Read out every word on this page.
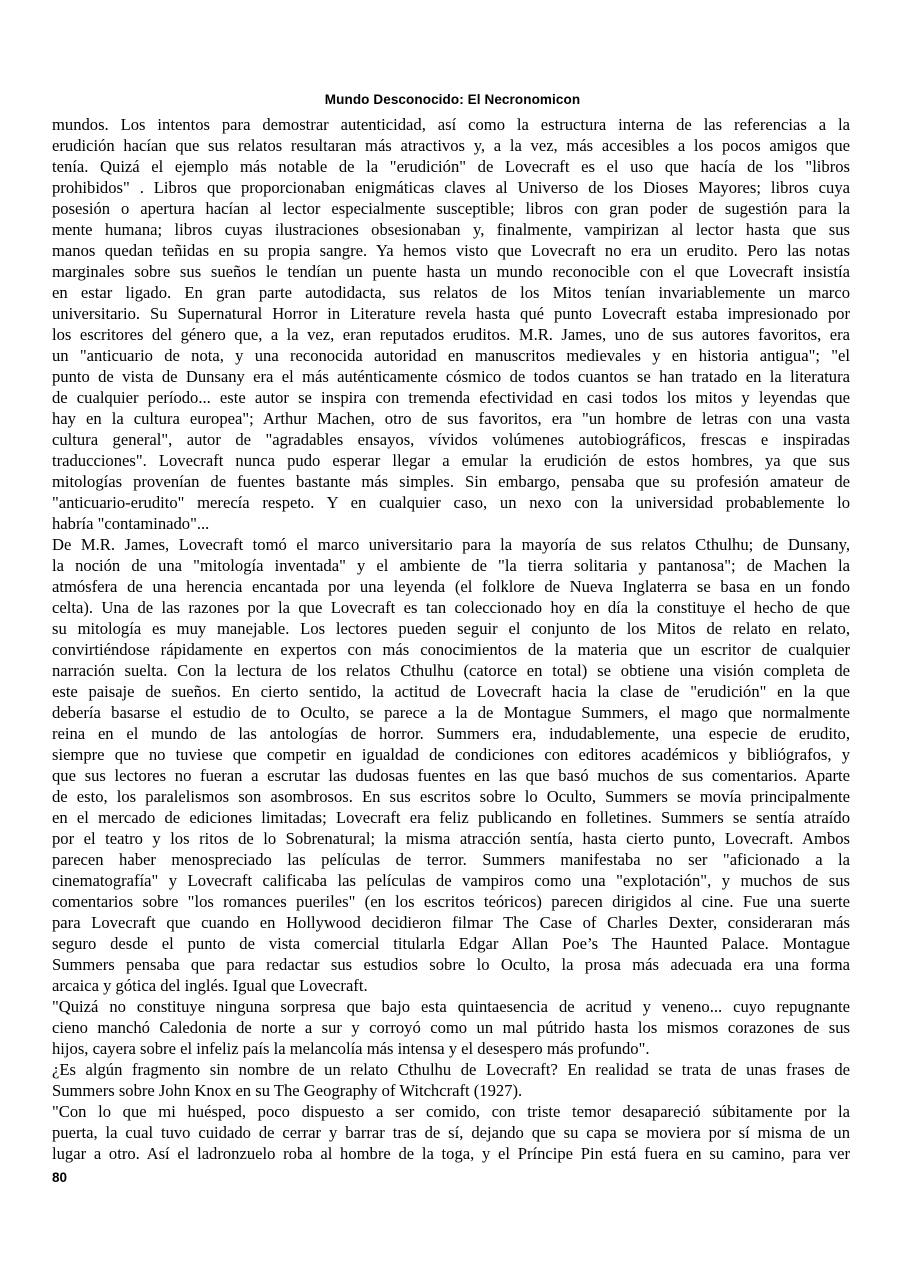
Mundo Desconocido: El Necronomicon
mundos. Los intentos para demostrar autenticidad, así como la estructura interna de las referencias a la
erudición hacían que sus relatos resultaran más atractivos y, a la vez, más accesibles a los pocos amigos que
tenía. Quizá el ejemplo más notable de la "erudición" de Lovecraft es el uso que hacía de los "libros
prohibidos" . Libros que proporcionaban enigmáticas claves al Universo de los Dioses Mayores; libros cuya
posesión o apertura hacían al lector especialmente susceptible; libros con gran poder de sugestión para la
mente humana; libros cuyas ilustraciones obsesionaban y, finalmente, vampirizan al lector hasta que sus
manos quedan teñidas en su propia sangre. Ya hemos visto que Lovecraft no era un erudito. Pero las notas
marginales sobre sus sueños le tendían un puente hasta un mundo reconocible con el que Lovecraft insistía
en estar ligado. En gran parte autodidacta, sus relatos de los Mitos tenían invariablemente un marco
universitario. Su Supernatural Horror in Literature revela hasta qué punto Lovecraft estaba impresionado por
los escritores del género que, a la vez, eran reputados eruditos. M.R. James, uno de sus autores favoritos, era
un "anticuario de nota, y una reconocida autoridad en manuscritos medievales y en historia antigua"; "el
punto de vista de Dunsany era el más auténticamente cósmico de todos cuantos se han tratado en la literatura
de cualquier período... este autor se inspira con tremenda efectividad en casi todos los mitos y leyendas que
hay en la cultura europea"; Arthur Machen, otro de sus favoritos, era "un hombre de letras con una vasta
cultura general", autor de "agradables ensayos, vívidos volúmenes autobiográficos, frescas e inspiradas
traducciones". Lovecraft nunca pudo esperar llegar a emular la erudición de estos hombres, ya que sus
mitologías provenían de fuentes bastante más simples. Sin embargo, pensaba que su profesión amateur de
"anticuario-erudito" merecía respeto. Y en cualquier caso, un nexo con la universidad probablemente lo
habría "contaminado"...
De M.R. James, Lovecraft tomó el marco universitario para la mayoría de sus relatos Cthulhu; de Dunsany,
la noción de una "mitología inventada" y el ambiente de "la tierra solitaria y pantanosa"; de Machen la
atmósfera de una herencia encantada por una leyenda (el folklore de Nueva Inglaterra se basa en un fondo
celta). Una de las razones por la que Lovecraft es tan coleccionado hoy en día la constituye el hecho de que
su mitología es muy manejable. Los lectores pueden seguir el conjunto de los Mitos de relato en relato,
convirtiéndose rápidamente en expertos con más conocimientos de la materia que un escritor de cualquier
narración suelta. Con la lectura de los relatos Cthulhu (catorce en total) se obtiene una visión completa de
este paisaje de sueños. En cierto sentido, la actitud de Lovecraft hacia la clase de "erudición" en la que
debería basarse el estudio de to Oculto, se parece a la de Montague Summers, el mago que normalmente
reina en el mundo de las antologías de horror. Summers era, indudablemente, una especie de erudito,
siempre que no tuviese que competir en igualdad de condiciones con editores académicos y bibliógrafos, y
que sus lectores no fueran a escrutar las dudosas fuentes en las que basó muchos de sus comentarios. Aparte
de esto, los paralelismos son asombrosos. En sus escritos sobre lo Oculto, Summers se movía principalmente
en el mercado de ediciones limitadas; Lovecraft era feliz publicando en folletines. Summers se sentía atraído
por el teatro y los ritos de lo Sobrenatural; la misma atracción sentía, hasta cierto punto, Lovecraft. Ambos
parecen haber menospreciado las películas de terror. Summers manifestaba no ser "aficionado a la
cinematografía" y Lovecraft calificaba las películas de vampiros como una "explotación", y muchos de sus
comentarios sobre "los romances pueriles" (en los escritos teóricos) parecen dirigidos al cine. Fue una suerte
para Lovecraft que cuando en Hollywood decidieron filmar The Case of Charles Dexter, consideraran más
seguro desde el punto de vista comercial titularla Edgar Allan Poe’s The Haunted Palace. Montague
Summers pensaba que para redactar sus estudios sobre lo Oculto, la prosa más adecuada era una forma
arcaica y gótica del inglés. Igual que Lovecraft.
"Quizá no constituye ninguna sorpresa que bajo esta quintaesencia de acritud y veneno... cuyo repugnante
cieno manchó Caledonia de norte a sur y corroyó como un mal pútrido hasta los mismos corazones de sus
hijos, cayera sobre el infeliz país la melancolía más intensa y el desespero más profundo".
¿Es algún fragmento sin nombre de un relato Cthulhu de Lovecraft? En realidad se trata de unas frases de
Summers sobre John Knox en su The Geography of Witchcraft (1927).
"Con lo que mi huésped, poco dispuesto a ser comido, con triste temor desapareció súbitamente por la
puerta, la cual tuvo cuidado de cerrar y barrar tras de sí, dejando que su capa se moviera por sí misma de un
lugar a otro. Así el ladronzuelo roba al hombre de la toga, y el Príncipe Pin está fuera en su camino, para ver
80
